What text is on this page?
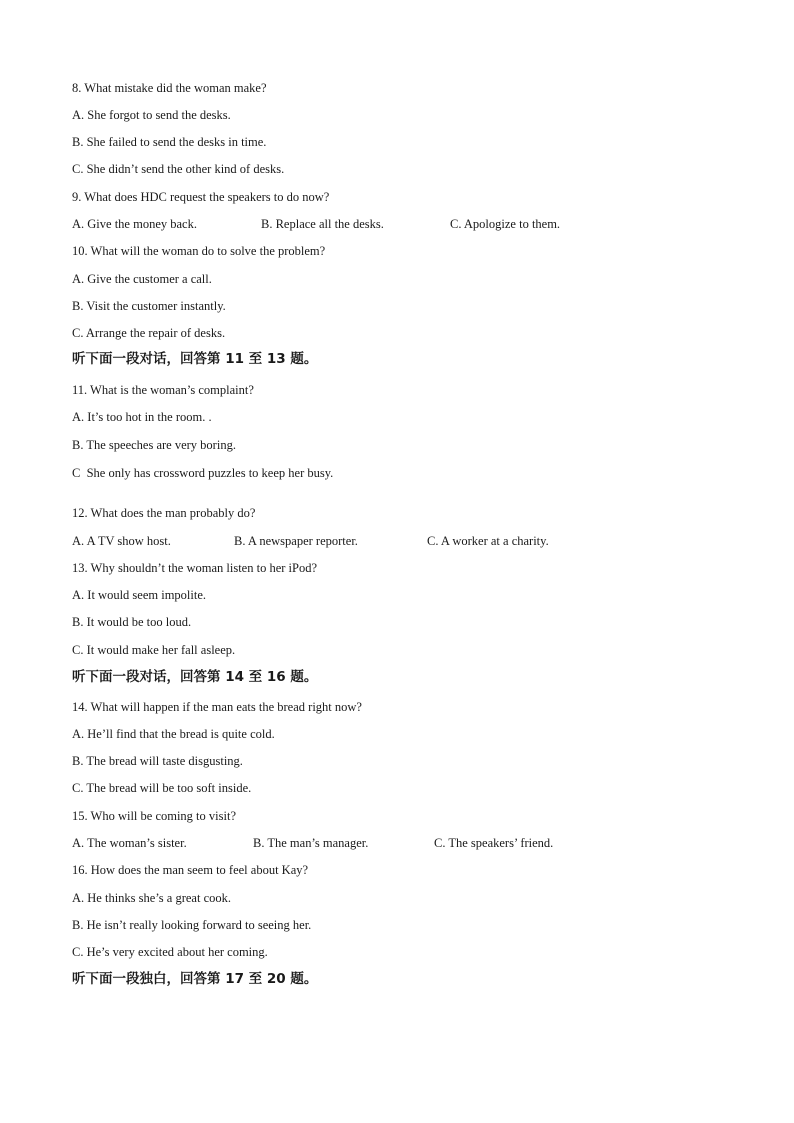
8. What mistake did the woman make?
A. She forgot to send the desks.
B. She failed to send the desks in time.
C. She didn’t send the other kind of desks.
9. What does HDC request the speakers to do now?
A. Give the money back.	B. Replace all the desks.	C. Apologize to them.
10. What will the woman do to solve the problem?
A. Give the customer a call.
B. Visit the customer instantly.
C. Arrange the repair of desks.
听下面一段对话，回答第 11 至 13 题。
11. What is the woman’s complaint?
A. It’s too hot in the room. .
B. The speeches are very boring.
C  She only has crossword puzzles to keep her busy.
12. What does the man probably do?
A. A TV show host.	B. A newspaper reporter.	C. A worker at a charity.
13. Why shouldn’t the woman listen to her iPod?
A. It would seem impolite.
B. It would be too loud.
C. It would make her fall asleep.
听下面一段对话，回答第 14 至 16 题。
14. What will happen if the man eats the bread right now?
A. He’ll find that the bread is quite cold.
B. The bread will taste disgusting.
C. The bread will be too soft inside.
15. Who will be coming to visit?
A. The woman’s sister.	B. The man’s manager.	C. The speakers’ friend.
16. How does the man seem to feel about Kay?
A. He thinks she’s a great cook.
B. He isn’t really looking forward to seeing her.
C. He’s very excited about her coming.
听下面一段独白，回答第 17 至 20 题。
